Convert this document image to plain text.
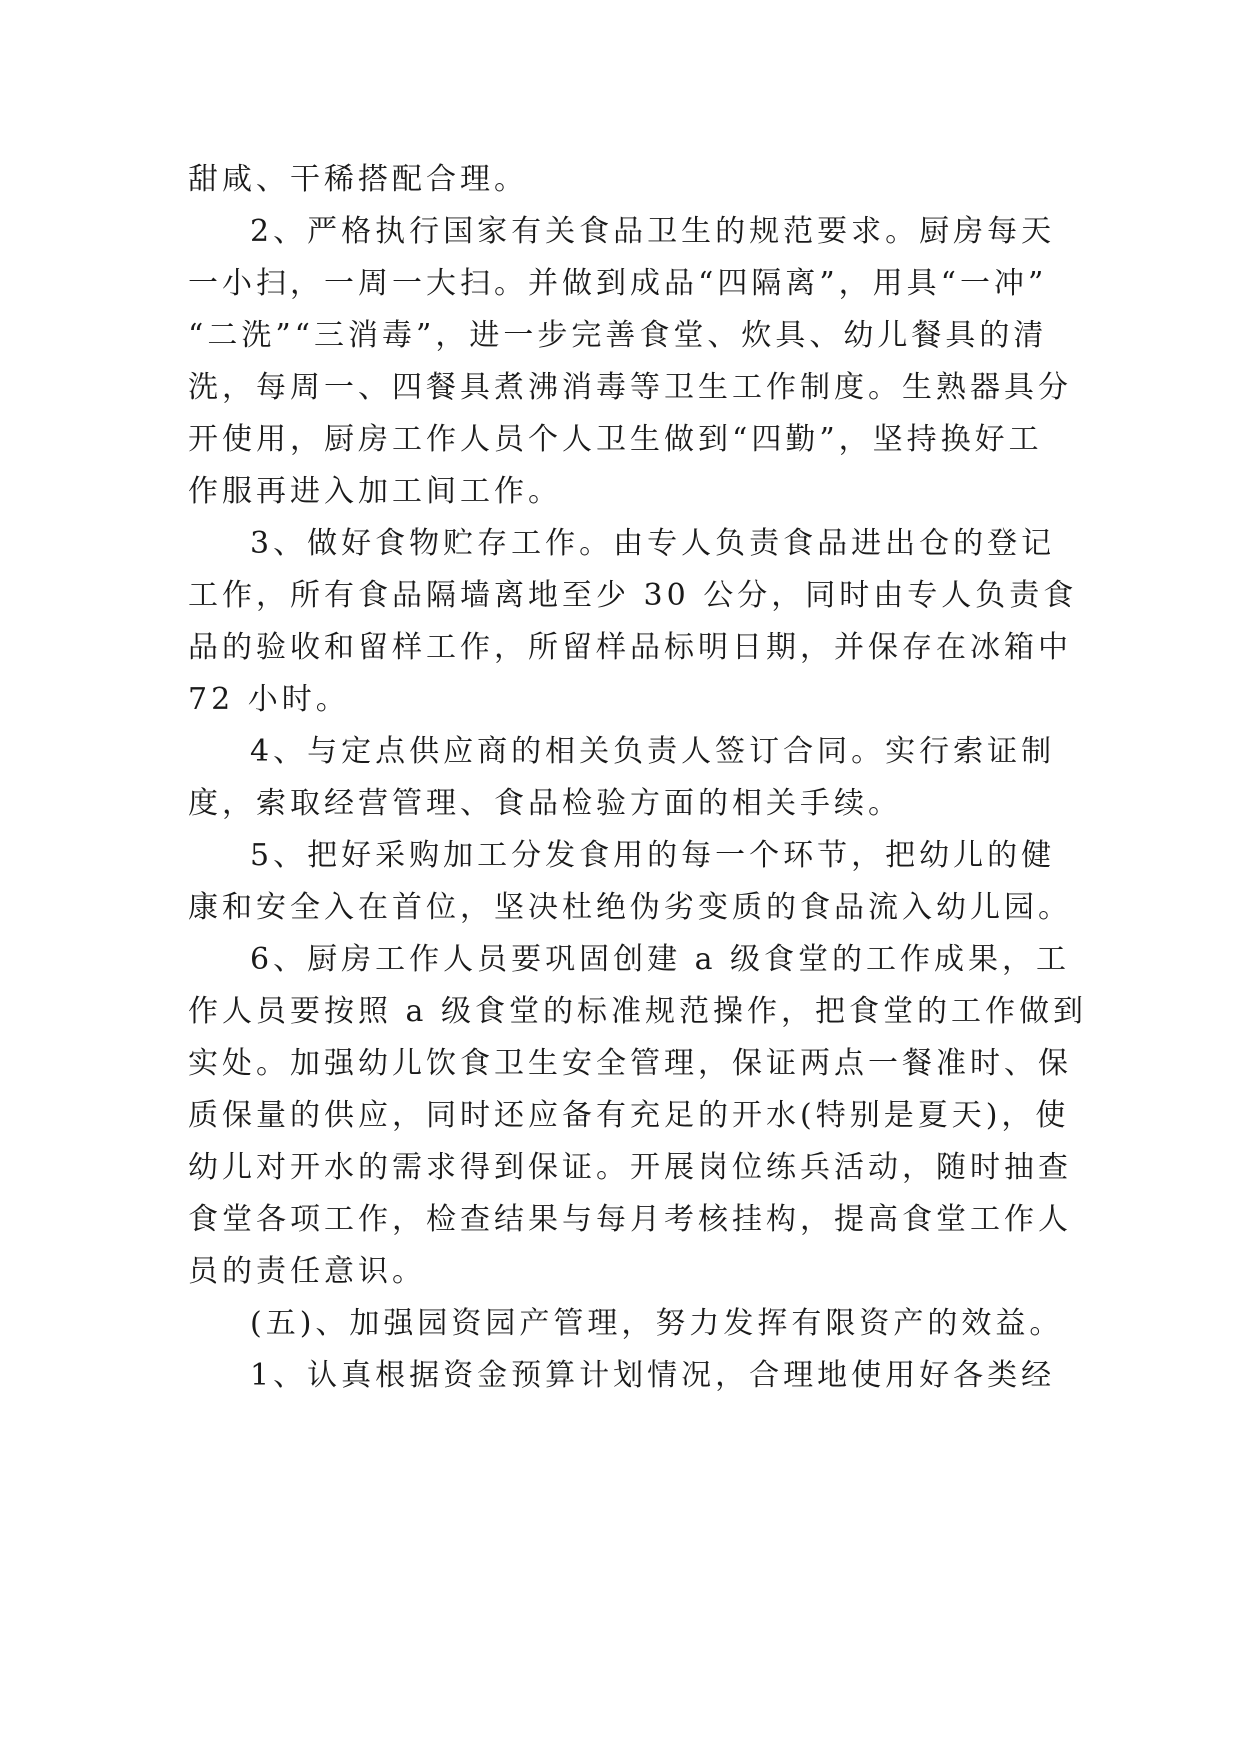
甜咸、干稀搭配合理。
2、严格执行国家有关食品卫生的规范要求。厨房每天
一小扫，一周一大扫。并做到成品“四隔离”，用具“一冲”
“二洗”“三消毒”，进一步完善食堂、炊具、幼儿餐具的清
洗，每周一、四餐具煮沸消毒等卫生工作制度。生熟器具分
开使用，厨房工作人员个人卫生做到“四勤”，坚持换好工
作服再进入加工间工作。
3、做好食物贮存工作。由专人负责食品进出仓的登记
工作，所有食品隔墙离地至少 30 公分，同时由专人负责食
品的验收和留样工作，所留样品标明日期，并保存在冰箱中
72 小时。
4、与定点供应商的相关负责人签订合同。实行索证制
度，索取经营管理、食品检验方面的相关手续。
5、把好采购加工分发食用的每一个环节，把幼儿的健
康和安全入在首位，坚决杜绝伪劣变质的食品流入幼儿园。
6、厨房工作人员要巩固创建 a 级食堂的工作成果，工
作人员要按照 a 级食堂的标准规范操作，把食堂的工作做到
实处。加强幼儿饮食卫生安全管理，保证两点一餐准时、保
质保量的供应，同时还应备有充足的开水(特别是夏天)，使
幼儿对开水的需求得到保证。开展岗位练兵活动，随时抽查
食堂各项工作，检查结果与每月考核挂构，提高食堂工作人
员的责任意识。
(五)、加强园资园产管理，努力发挥有限资产的效益。
1、认真根据资金预算计划情况，合理地使用好各类经
